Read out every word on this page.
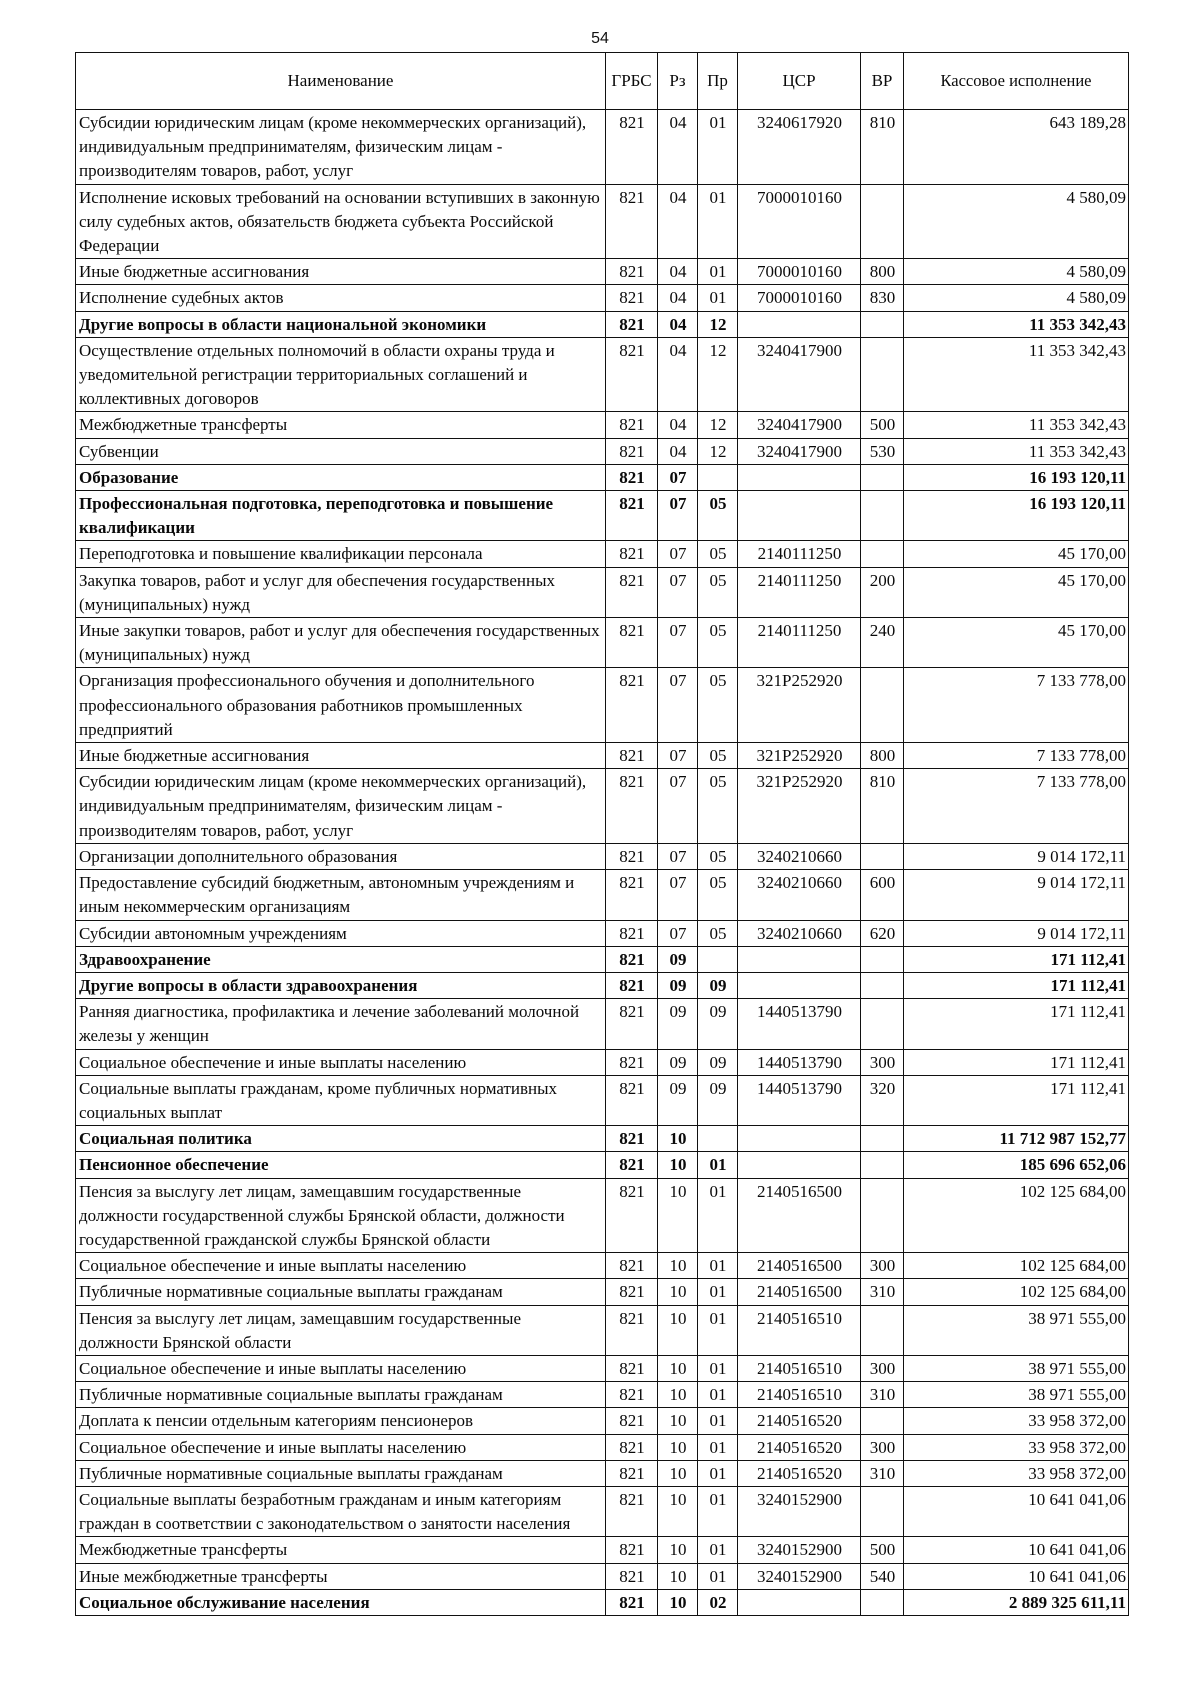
54
Наименование	ГРБС	Рз	Пр	ЦСР	ВР	Кассовое исполнение
Субсидии юридическим лицам (кроме некоммерческих организаций), индивидуальным предпринимателям, физическим лицам - производителям товаров, работ, услуг	821	04	01	3240617920	810	643 189,28
Исполнение исковых требований на основании вступивших в законную силу судебных актов, обязательств бюджета субъекта Российской Федерации	821	04	01	7000010160		4 580,09
Иные бюджетные ассигнования	821	04	01	7000010160	800	4 580,09
Исполнение судебных актов	821	04	01	7000010160	830	4 580,09
Другие вопросы в области национальной экономики	821	04	12			11 353 342,43
Осуществление отдельных полномочий в области охраны труда и уведомительной регистрации территориальных соглашений и коллективных договоров	821	04	12	3240417900		11 353 342,43
Межбюджетные трансферты	821	04	12	3240417900	500	11 353 342,43
Субвенции	821	04	12	3240417900	530	11 353 342,43
Образование	821	07				16 193 120,11
Профессиональная подготовка, переподготовка и повышение квалификации	821	07	05			16 193 120,11
Переподготовка и повышение квалификации персонала	821	07	05	2140111250		45 170,00
Закупка товаров, работ и услуг для обеспечения государственных (муниципальных) нужд	821	07	05	2140111250	200	45 170,00
Иные закупки товаров, работ и услуг для обеспечения государственных (муниципальных) нужд	821	07	05	2140111250	240	45 170,00
Организация профессионального обучения и дополнительного профессионального образования работников промышленных предприятий	821	07	05	321P252920		7 133 778,00
Иные бюджетные ассигнования	821	07	05	321P252920	800	7 133 778,00
Субсидии юридическим лицам (кроме некоммерческих организаций), индивидуальным предпринимателям, физическим лицам - производителям товаров, работ, услуг	821	07	05	321P252920	810	7 133 778,00
Организации дополнительного образования	821	07	05	3240210660		9 014 172,11
Предоставление субсидий бюджетным, автономным учреждениям и иным некоммерческим организациям	821	07	05	3240210660	600	9 014 172,11
Субсидии автономным учреждениям	821	07	05	3240210660	620	9 014 172,11
Здравоохранение	821	09				171 112,41
Другие вопросы в области здравоохранения	821	09	09			171 112,41
Ранняя диагностика, профилактика и лечение заболеваний молочной железы у женщин	821	09	09	1440513790		171 112,41
Социальное обеспечение и иные выплаты населению	821	09	09	1440513790	300	171 112,41
Социальные выплаты гражданам, кроме публичных нормативных социальных выплат	821	09	09	1440513790	320	171 112,41
Социальная политика	821	10				11 712 987 152,77
Пенсионное обеспечение	821	10	01			185 696 652,06
Пенсия за выслугу лет лицам, замещавшим государственные должности государственной службы Брянской области, должности государственной гражданской службы Брянской области	821	10	01	2140516500		102 125 684,00
Социальное обеспечение и иные выплаты населению	821	10	01	2140516500	300	102 125 684,00
Публичные нормативные социальные выплаты гражданам	821	10	01	2140516500	310	102 125 684,00
Пенсия за выслугу лет лицам, замещавшим государственные должности Брянской области	821	10	01	2140516510		38 971 555,00
Социальное обеспечение и иные выплаты населению	821	10	01	2140516510	300	38 971 555,00
Публичные нормативные социальные выплаты гражданам	821	10	01	2140516510	310	38 971 555,00
Доплата к пенсии отдельным категориям пенсионеров	821	10	01	2140516520		33 958 372,00
Социальное обеспечение и иные выплаты населению	821	10	01	2140516520	300	33 958 372,00
Публичные нормативные социальные выплаты гражданам	821	10	01	2140516520	310	33 958 372,00
Социальные выплаты безработным гражданам и иным категориям граждан в соответствии с законодательством о занятости населения	821	10	01	3240152900		10 641 041,06
Межбюджетные трансферты	821	10	01	3240152900	500	10 641 041,06
Иные межбюджетные трансферты	821	10	01	3240152900	540	10 641 041,06
Социальное обслуживание населения	821	10	02			2 889 325 611,11
